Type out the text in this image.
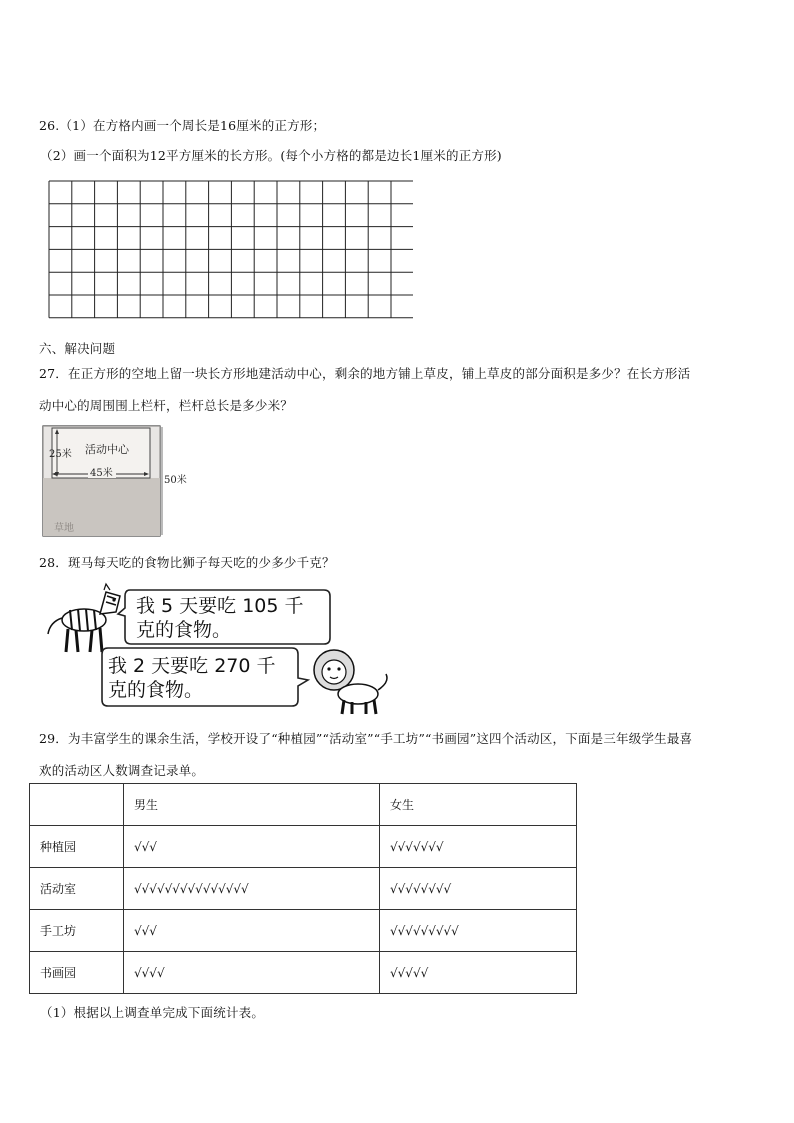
26.（1）在方格内画一个周长是16厘米的正方形；
（2）画一个面积为12平方厘米的长方形。(每个小方格的都是边长1厘米的正方形)
六、解决问题
27．在正方形的空地上留一块长方形地建活动中心，剩余的地方铺上草皮，铺上草皮的部分面积是多少？在长方形活
动中心的周围围上栏杆，栏杆总长是多少米？
活动中心
25米
45米
50米
草地
28．斑马每天吃的食物比狮子每天吃的少多少千克？
我 5 天要吃 105 千
克的食物。
我 2 天要吃 270 千
克的食物。
29．为丰富学生的课余生活，学校开设了“种植园”“活动室”“手工坊”“书画园”这四个活动区，下面是三年级学生最喜
欢的活动区人数调查记录单。
	男生	女生
种植园	√√√	√√√√√√√
活动室	√√√√√√√√√√√√√√√	√√√√√√√√
手工坊	√√√	√√√√√√√√√
书画园	√√√√	√√√√√
（1）根据以上调查单完成下面统计表。
